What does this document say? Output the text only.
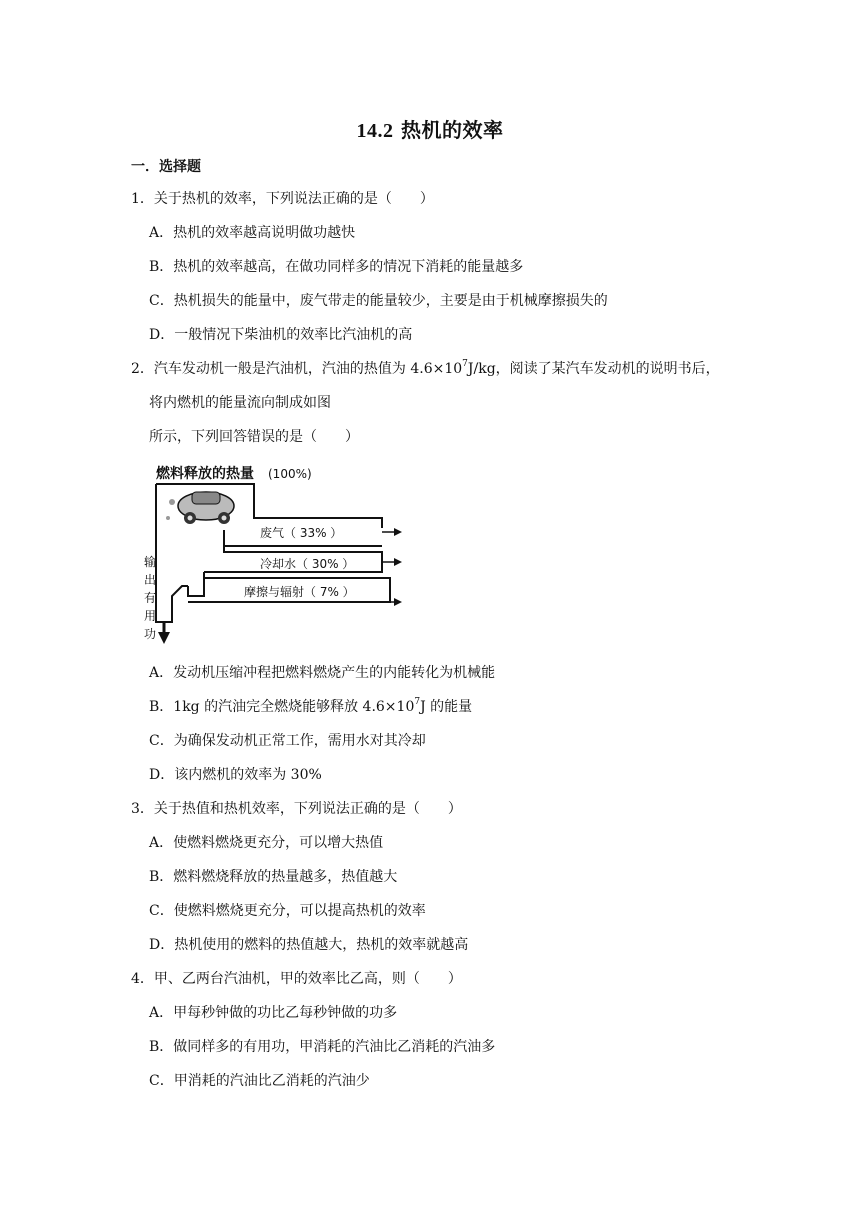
14.2 热机的效率
一．选择题
1．关于热机的效率，下列说法正确的是（　　）
A．热机的效率越高说明做功越快
B．热机的效率越高，在做功同样多的情况下消耗的能量越多
C．热机损失的能量中，废气带走的能量较少，主要是由于机械摩擦损失的
D．一般情况下柴油机的效率比汽油机的高
2．汽车发动机一般是汽油机，汽油的热值为 $4.6\times 10^7J/kg$，阅读了某汽车发动机的说明书后，
将内燃机的能量流向制成如图
所示，下列回答错误的是（　　）
燃料释放的热量 (100%)
废气（ 33% ）
冷却水（ 30% ）
摩擦与辐射（ 7% ）
输
出
有
用
功
A．发动机压缩冲程把燃料燃烧产生的内能转化为机械能
B．1kg 的汽油完全燃烧能够释放 $4.6\times 10^7J$ 的能量
C．为确保发动机正常工作，需用水对其冷却
D．该内燃机的效率为 30%
3．关于热值和热机效率，下列说法正确的是（　　）
A．使燃料燃烧更充分，可以增大热值
B．燃料燃烧释放的热量越多，热值越大
C．使燃料燃烧更充分，可以提高热机的效率
D．热机使用的燃料的热值越大，热机的效率就越高
4．甲、乙两台汽油机，甲的效率比乙高，则（　　）
A．甲每秒钟做的功比乙每秒钟做的功多
B．做同样多的有用功，甲消耗的汽油比乙消耗的汽油多
C．甲消耗的汽油比乙消耗的汽油少
